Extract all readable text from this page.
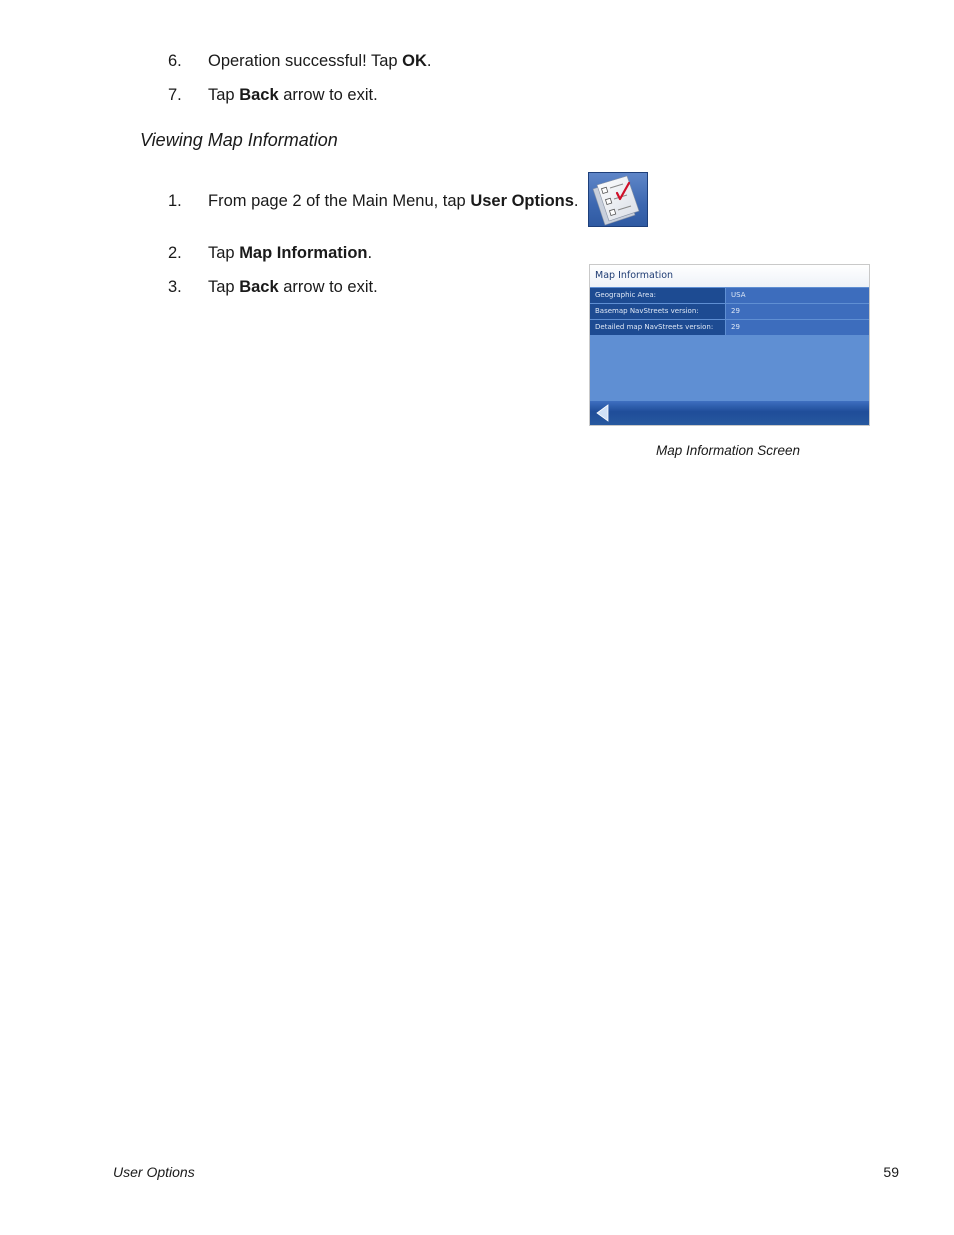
6. Operation successful! Tap OK.
7. Tap Back arrow to exit.
Viewing Map Information
1. From page 2 of the Main Menu, tap User Options.
2. Tap Map Information.
3. Tap Back arrow to exit.
Map Information
Geographic Area:	USA
Basemap NavStreets version:	29
Detailed map NavStreets version:	29
Map Information Screen
User Options	59
